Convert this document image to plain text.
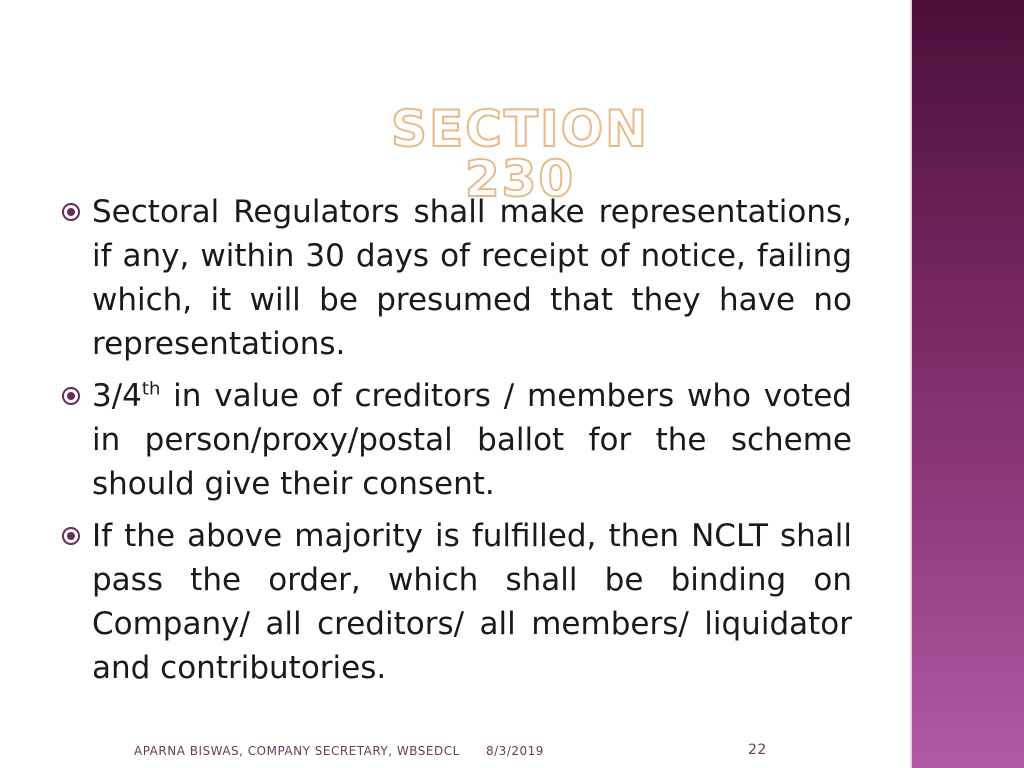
SECTION 230
Sectoral Regulators shall make representations, if any, within 30 days of receipt of notice, failing which, it will be presumed that they have no representations.
3/4th in value of creditors / members who voted in person/proxy/postal ballot for the scheme should give their consent.
If the above majority is fulfilled, then NCLT shall pass the order, which shall be binding on Company/ all creditors/ all members/ liquidator and contributories.
APARNA BISWAS, COMPANY SECRETARY, WBSEDCL 8/3/2019	22
